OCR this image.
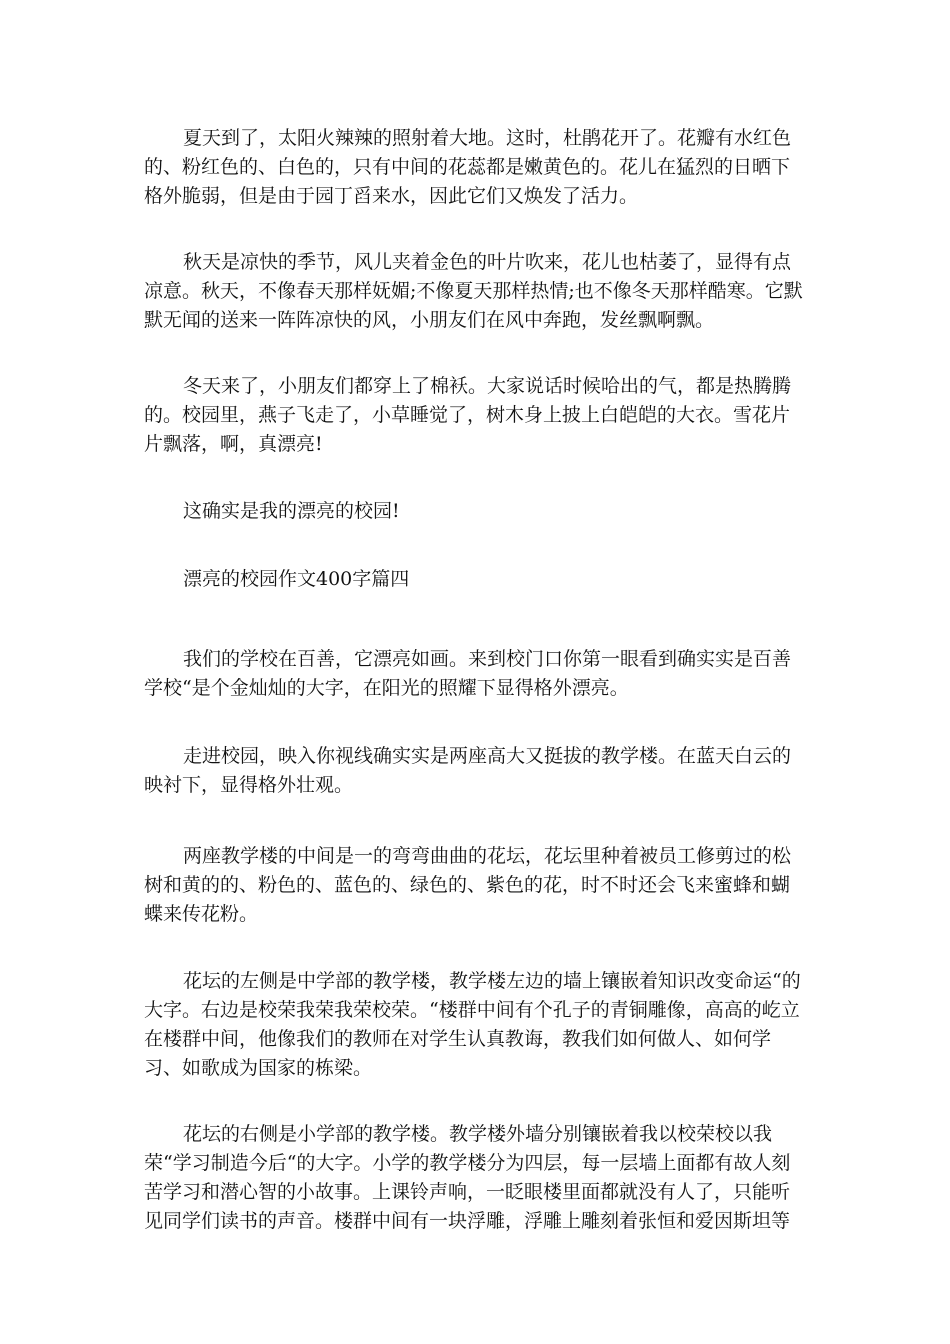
夏天到了，太阳火辣辣的照射着大地。这时，杜鹃花开了。花瓣有水红色
的、粉红色的、白色的，只有中间的花蕊都是嫩黄色的。花儿在猛烈的日晒下
格外脆弱，但是由于园丁舀来水，因此它们又焕发了活力。
秋天是凉快的季节，风儿夹着金色的叶片吹来，花儿也枯萎了，显得有点
凉意。秋天，不像春天那样妩媚;不像夏天那样热情;也不像冬天那样酷寒。它默
默无闻的送来一阵阵凉快的风，小朋友们在风中奔跑，发丝飘啊飘。
冬天来了，小朋友们都穿上了棉袄。大家说话时候哈出的气，都是热腾腾
的。校园里，燕子飞走了，小草睡觉了，树木身上披上白皑皑的大衣。雪花片
片飘落，啊，真漂亮!
这确实是我的漂亮的校园!
漂亮的校园作文400字篇四
我们的学校在百善，它漂亮如画。来到校门口你第一眼看到确实实是百善
学校“是个金灿灿的大字，在阳光的照耀下显得格外漂亮。
走进校园，映入你视线确实实是两座高大又挺拔的教学楼。在蓝天白云的
映衬下，显得格外壮观。
两座教学楼的中间是一的弯弯曲曲的花坛，花坛里种着被员工修剪过的松
树和黄的的、粉色的、蓝色的、绿色的、紫色的花，时不时还会飞来蜜蜂和蝴
蝶来传花粉。
花坛的左侧是中学部的教学楼，教学楼左边的墙上镶嵌着知识改变命运“的
大字。右边是校荣我荣我荣校荣。“楼群中间有个孔子的青铜雕像，高高的屹立
在楼群中间，他像我们的教师在对学生认真教诲，教我们如何做人、如何学
习、如歌成为国家的栋梁。
花坛的右侧是小学部的教学楼。教学楼外墙分别镶嵌着我以校荣校以我
荣“学习制造今后“的大字。小学的教学楼分为四层，每一层墙上面都有故人刻
苦学习和潜心智的小故事。上课铃声响，一眨眼楼里面都就没有人了，只能听
见同学们读书的声音。楼群中间有一块浮雕，浮雕上雕刻着张恒和爱因斯坦等
